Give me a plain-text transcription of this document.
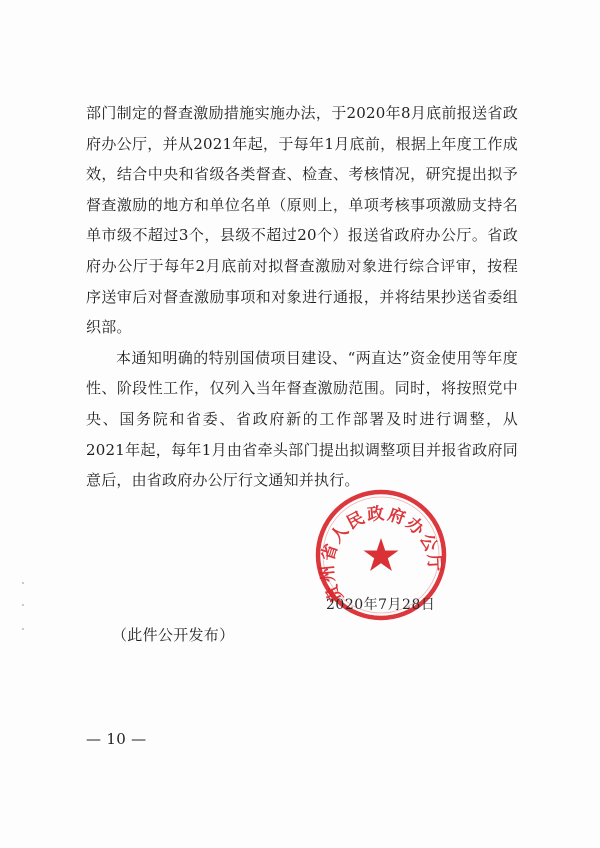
部门制定的督查激励措施实施办法，于2020年8月底前报送省政府办公厅，并从2021年起，于每年1月底前，根据上年度工作成效，结合中央和省级各类督查、检查、考核情况，研究提出拟予督查激励的地方和单位名单（原则上，单项考核事项激励支持名单市级不超过3个，县级不超过20个）报送省政府办公厅。省政府办公厅于每年2月底前对拟督查激励对象进行综合评审，按程序送审后对督查激励事项和对象进行通报，并将结果抄送省委组织部。

本通知明确的特别国债项目建设、“两直达”资金使用等年度性、阶段性工作，仅列入当年督查激励范围。同时，将按照党中央、国务院和省委、省政府新的工作部署及时进行调整，从2021年起，每年1月由省牵头部门提出拟调整项目并报省政府同意后，由省政府办公厅行文通知并执行。

贵州省人民政府办公厅
2020年7月28日
（此件公开发布）
— 10 —
